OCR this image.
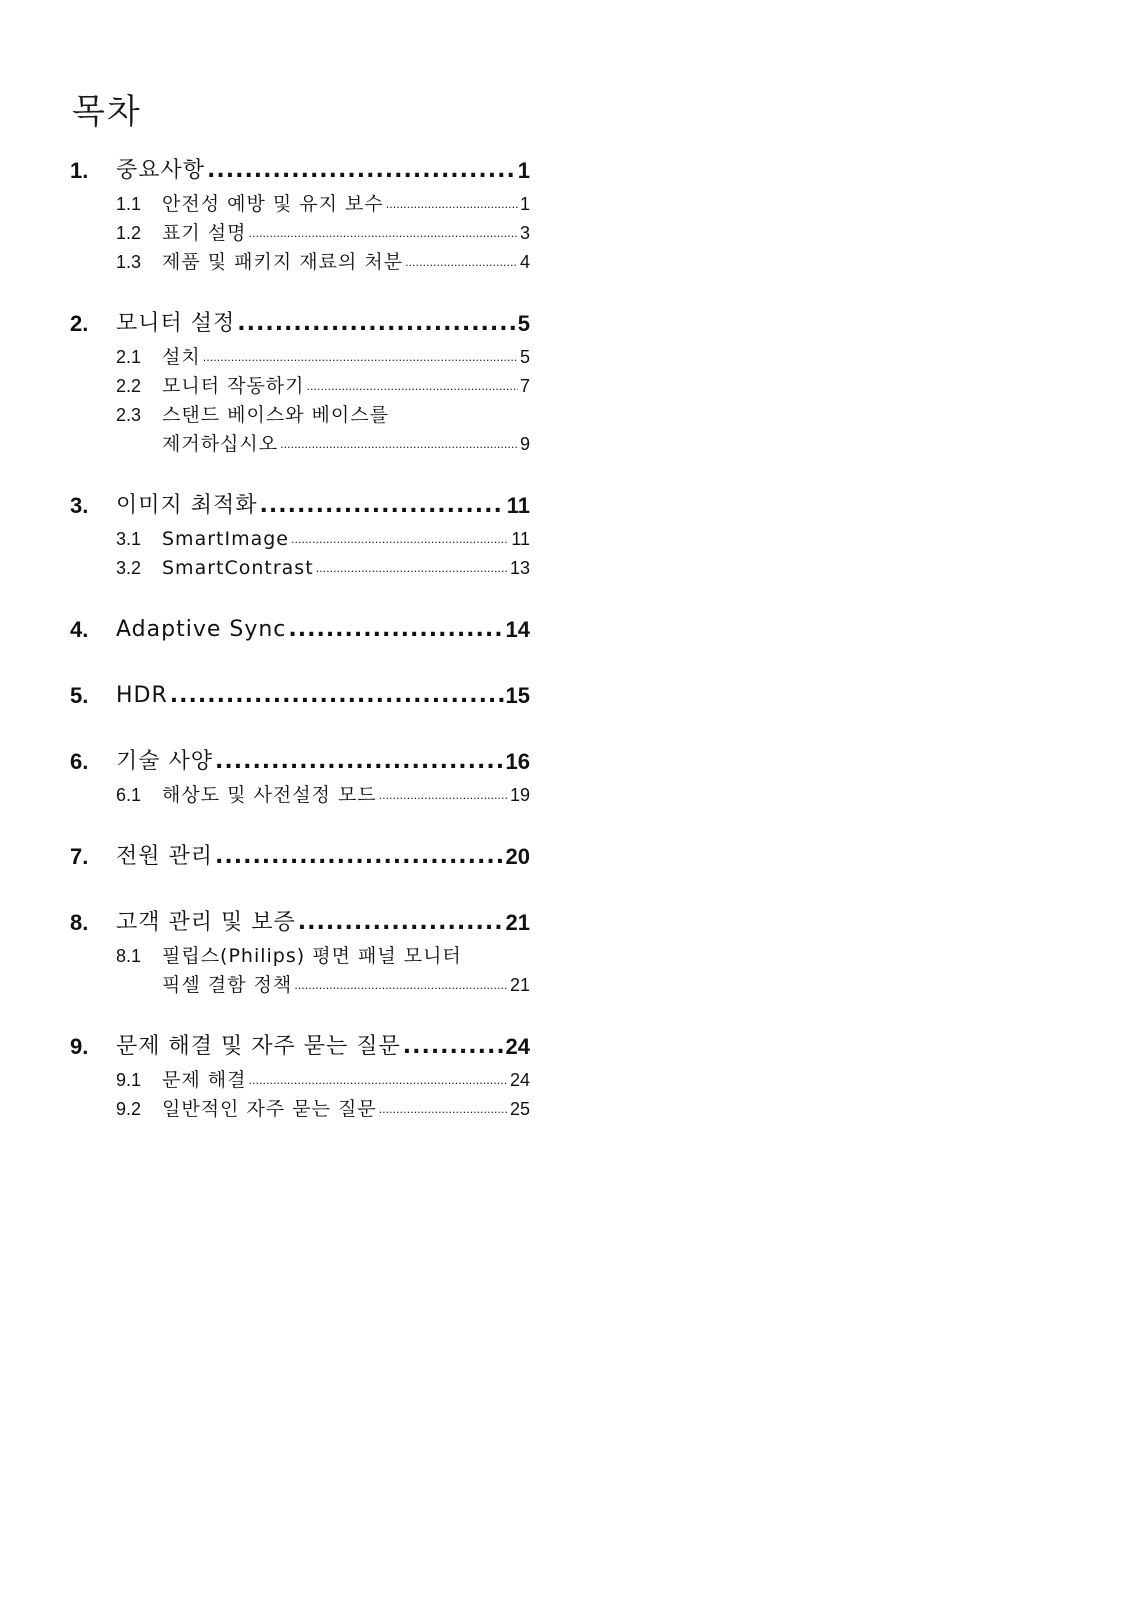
목차
1.	중요사항 .....	1
1.1	안전성 예방 및 유지 보수 .....	1
1.2	표기 설명 .....	3
1.3	제품 및 패키지 재료의 처분 .....	4
2.	모니터 설정 .....	5
2.1	설치 .....	5
2.2	모니터 작동하기 .....	7
2.3	스탠드 베이스와 베이스를
제거하십시오 .....	9
3.	이미지 최적화 .....	11
3.1	SmartImage .....	11
3.2	SmartContrast .....	13
4.	Adaptive Sync .....	14
5.	HDR .....	15
6.	기술 사양 .....	16
6.1	해상도 및 사전설정 모드 .....	19
7.	전원 관리 .....	20
8.	고객 관리 및 보증 .....	21
8.1	필립스(Philips) 평면 패널 모니터
픽셀 결함 정책 .....	21
9.	문제 해결 및 자주 묻는 질문 .....	24
9.1	문제 해결 .....	24
9.2	일반적인 자주 묻는 질문 .....	25
